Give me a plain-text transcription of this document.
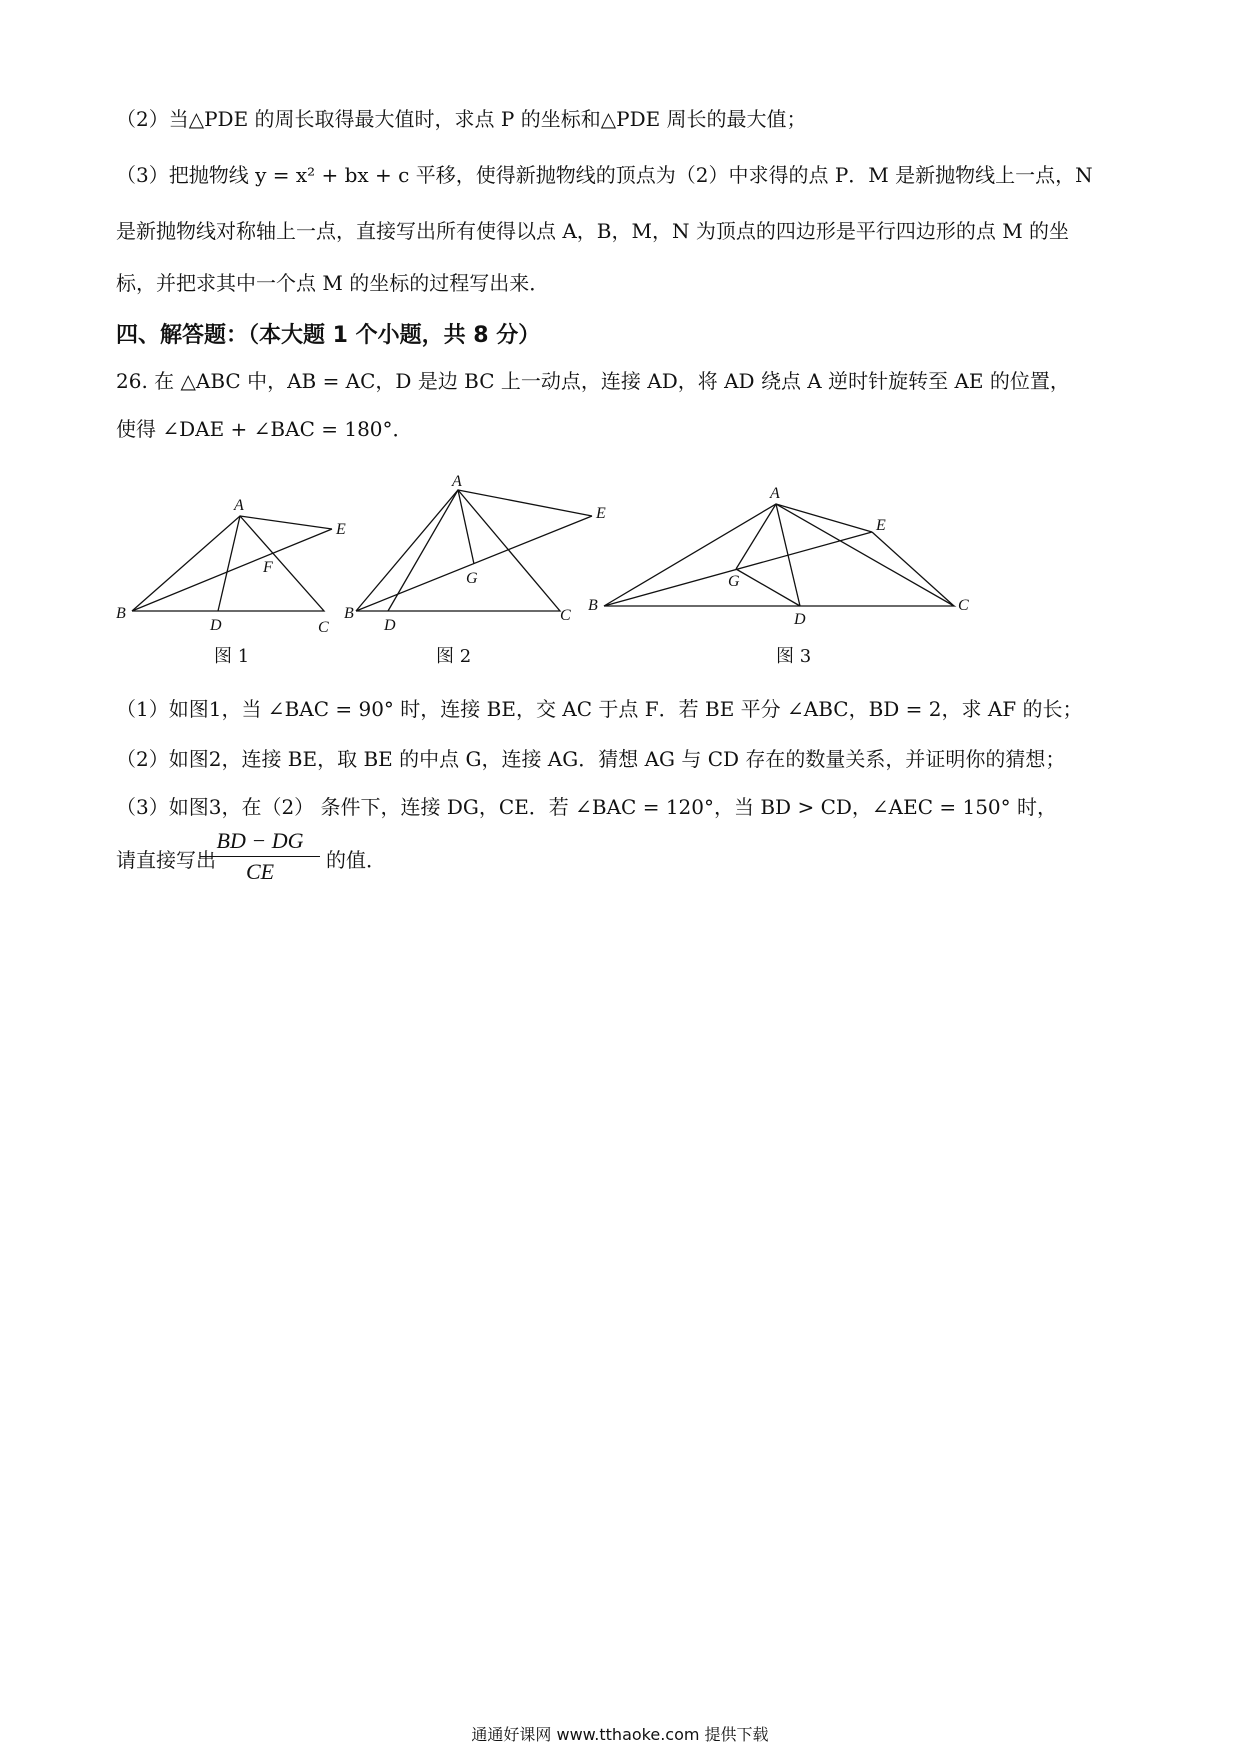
（2）当△PDE 的周长取得最大值时，求点 P 的坐标和△PDE 周长的最大值；
（3）把抛物线 y = x² + bx + c 平移，使得新抛物线的顶点为（2）中求得的点 P．M 是新抛物线上一点，N
是新抛物线对称轴上一点，直接写出所有使得以点 A，B，M，N 为顶点的四边形是平行四边形的点 M 的坐
标，并把求其中一个点 M 的坐标的过程写出来．
四、解答题：（本大题 1 个小题，共 8 分）
26. 在 △ABC 中，AB = AC，D 是边 BC 上一动点，连接 AD，将 AD 绕点 A 逆时针旋转至 AE 的位置，
使得 ∠DAE + ∠BAC = 180°．
A
B
C
D
E
F
A
B	C
D
E
G
A
B	C
D
E
G
图 1	图 2	图 3
（1）如图1，当 ∠BAC = 90° 时，连接 BE，交 AC 于点 F．若 BE 平分 ∠ABC，BD = 2，求 AF 的长；
（2）如图2，连接 BE，取 BE 的中点 G，连接 AG．猜想 AG 与 CD 存在的数量关系，并证明你的猜想；
（3）如图3，在（2） 条件下，连接 DG，CE．若 ∠BAC = 120°，当 BD > CD，∠AEC = 150° 时，
请直接写出
$\frac{BD - DG}{CE}$ 的值．
通通好课网 www.tthaoke.com 提供下载
